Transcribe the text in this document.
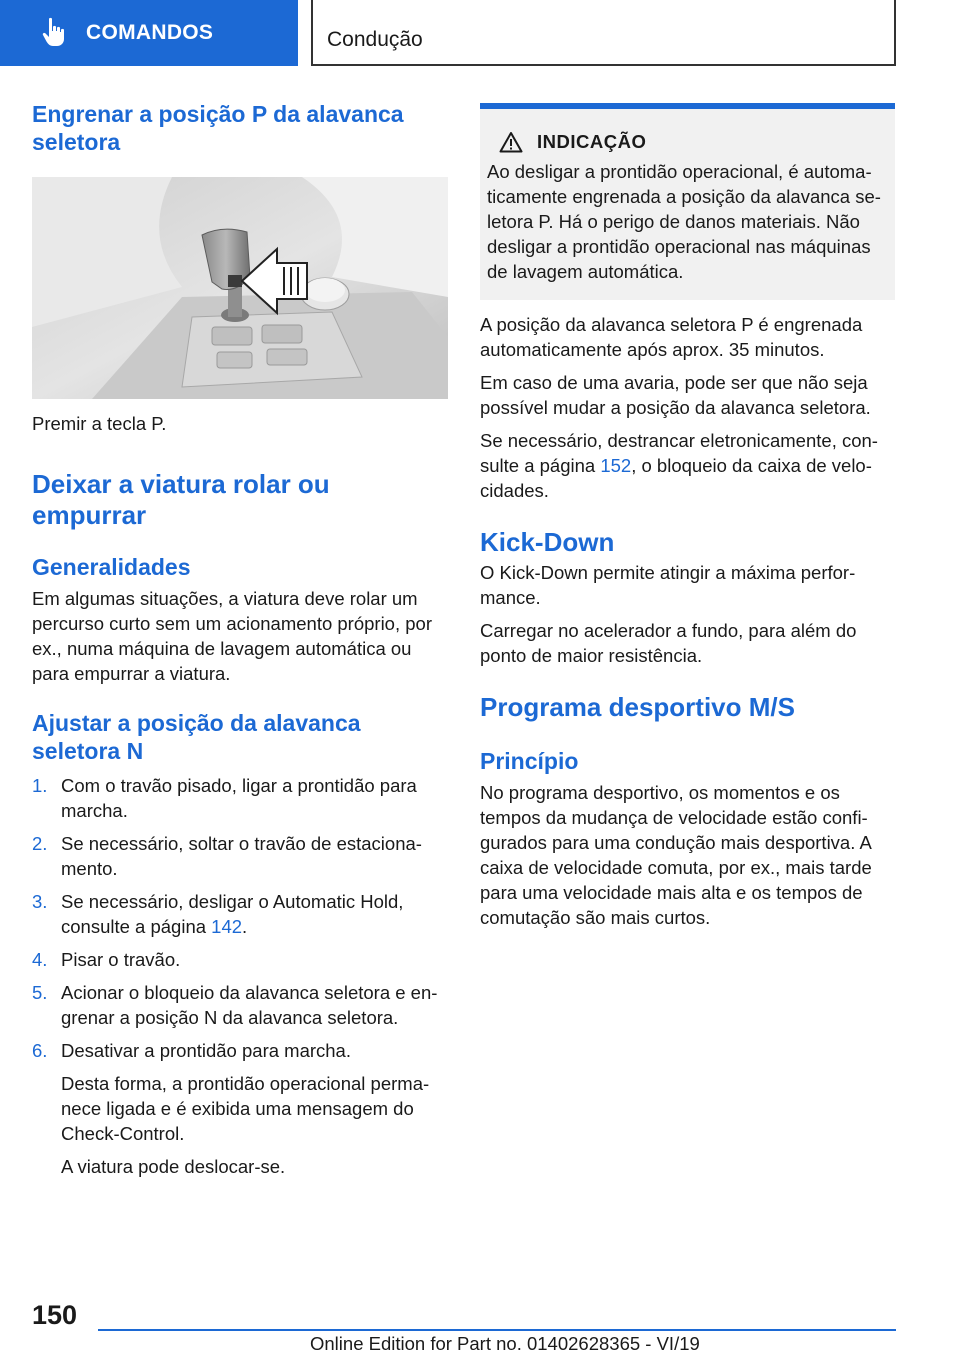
COMANDOS	Condução
Engrenar a posição P da alavanca seletora

Premir a tecla P.

Deixar a viatura rolar ou empurrar
Generalidades

Em algumas situações, a viatura deve rolar um percurso curto sem um acionamento próprio, por ex., numa máquina de lavagem automática ou para empurrar a viatura.

Ajustar a posição da alavanca seletora N
1. Com o travão pisado, ligar a prontidão para marcha.
2. Se necessário, soltar o travão de estaciona-mento.
3. Se necessário, desligar o Automatic Hold, consulte a página 142.
4. Pisar o travão.
5. Acionar o bloqueio da alavanca seletora e en-grenar a posição N da alavanca seletora.
6. Desativar a prontidão para marcha.

Desta forma, a prontidão operacional perma-nece ligada e é exibida uma mensagem do Check-Control.

A viatura pode deslocar-se.

INDICAÇÃO

Ao desligar a prontidão operacional, é automa-ticamente engrenada a posição da alavanca se-letora P. Há o perigo de danos materiais. Não desligar a prontidão operacional nas máquinas de lavagem automática.

A posição da alavanca seletora P é engrenada automaticamente após aprox. 35 minutos.

Em caso de uma avaria, pode ser que não seja possível mudar a posição da alavanca seletora.

Se necessário, destrancar eletronicamente, con-sulte a página 152, o bloqueio da caixa de velo-cidades.

Kick-Down

O Kick-Down permite atingir a máxima perfor-mance.

Carregar no acelerador a fundo, para além do ponto de maior resistência.

Programa desportivo M/S
Princípio

No programa desportivo, os momentos e os tempos da mudança de velocidade estão confi-gurados para uma condução mais desportiva. A caixa de velocidade comuta, por ex., mais tarde para uma velocidade mais alta e os tempos de comutação são mais curtos.

150
Online Edition for Part no. 01402628365 - VI/19
